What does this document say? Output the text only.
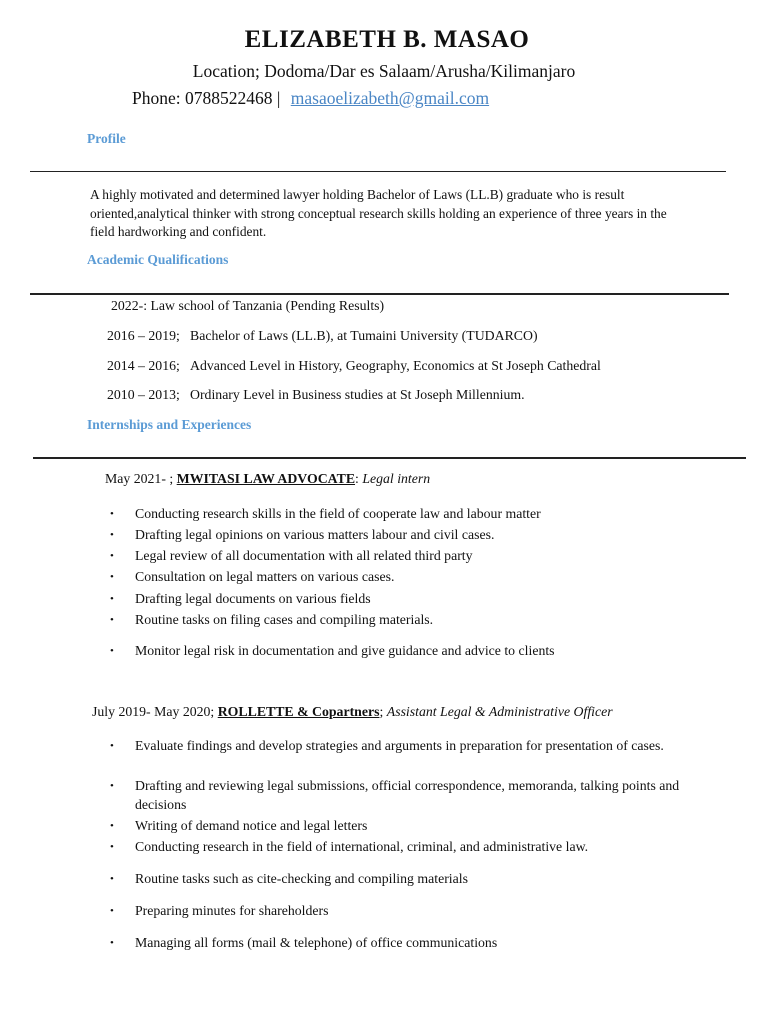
ELIZABETH B. MASAO
Location; Dodoma/Dar es Salaam/Arusha/Kilimanjaro
Phone: 0788522468 | masaoelizabeth@gmail.com
Profile
A highly motivated and determined lawyer holding Bachelor of Laws (LL.B) graduate who is result oriented,analytical thinker with strong conceptual research skills holding an experience of three years in the field hardworking and confident.
Academic Qualifications
2022-: Law school of Tanzania (Pending Results)
2016 – 2019; Bachelor of Laws (LL.B), at Tumaini University (TUDARCO)
2014 – 2016; Advanced Level in History, Geography, Economics at St Joseph Cathedral
2010 – 2013; Ordinary Level in Business studies at St Joseph Millennium.
Internships and Experiences
May 2021- ; MWITASI LAW ADVOCATE: Legal intern
• Conducting research skills in the field of cooperate law and labour matter
• Drafting legal opinions on various matters labour and civil cases.
• Legal review of all documentation with all related third party
• Consultation on legal matters on various cases.
• Drafting legal documents on various fields
• Routine tasks on filing cases and compiling materials.
• Monitor legal risk in documentation and give guidance and advice to clients
July 2019- May 2020; ROLLETTE & Copartners; Assistant Legal & Administrative Officer
• Evaluate findings and develop strategies and arguments in preparation for presentation of cases.
• Drafting and reviewing legal submissions, official correspondence, memoranda, talking points and decisions
• Writing of demand notice and legal letters
• Conducting research in the field of international, criminal, and administrative law.
• Routine tasks such as cite-checking and compiling materials
• Preparing minutes for shareholders
• Managing all forms (mail & telephone) of office communications
